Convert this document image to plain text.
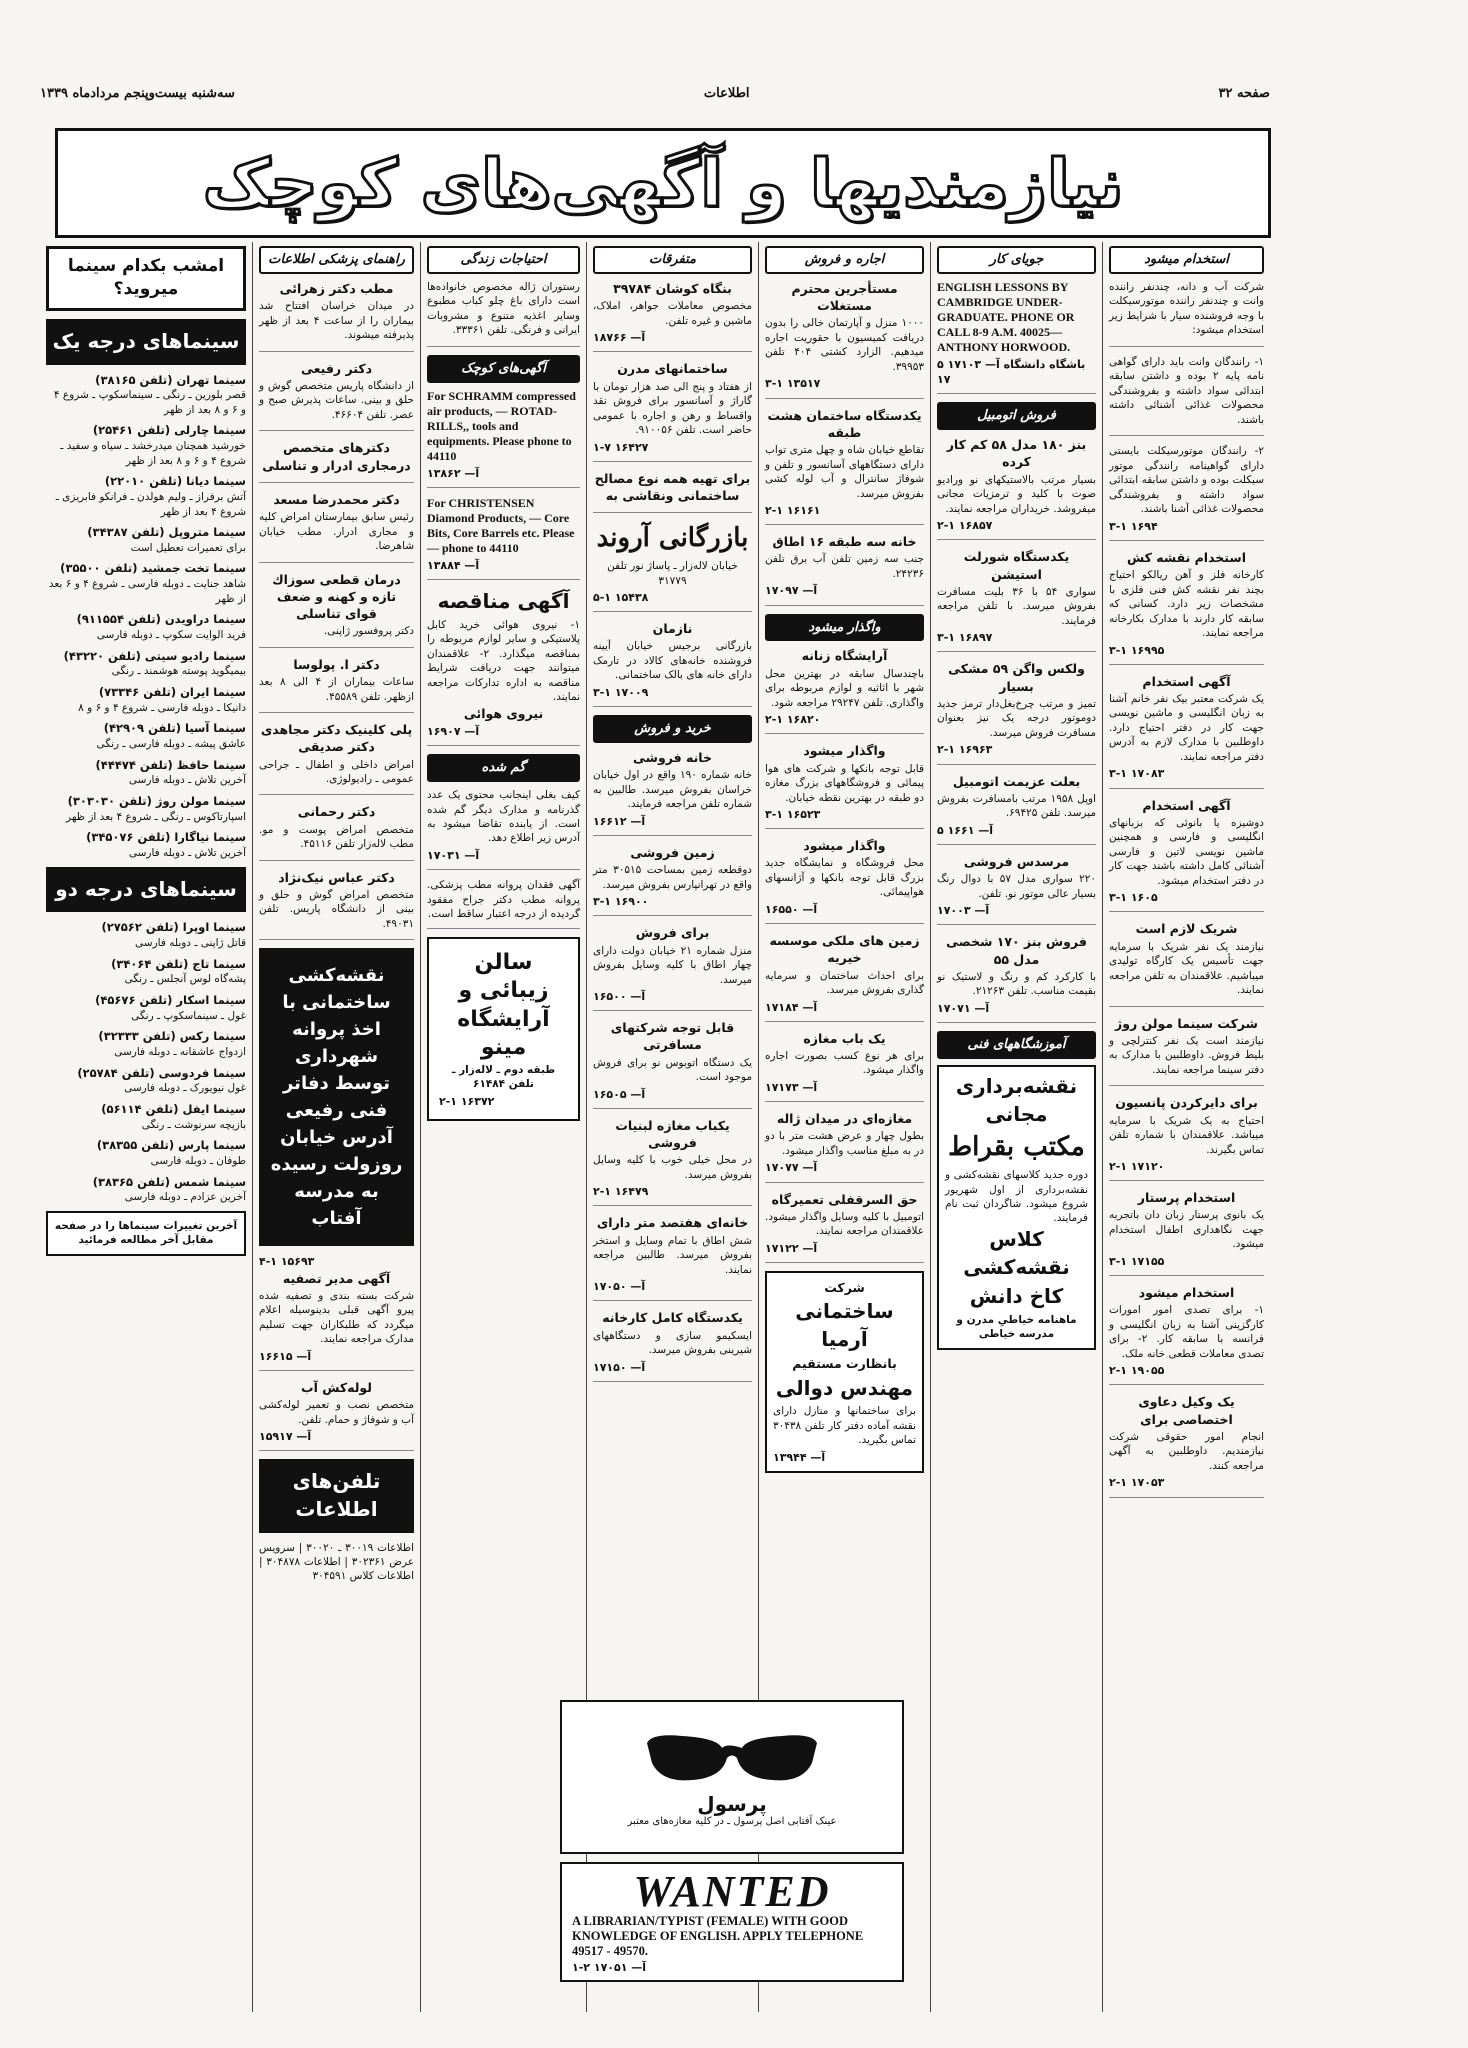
سه‌شنبه بیست‌وپنجم مردادماه ۱۳۳۹	اطلاعات	صفحه ۳۲
نیازمندیها و آگهی‌های کوچک
استخدام میشود
شرکت آب و دانه، چندنفر راننده وانت و چندنفر راننده موتورسیکلت با وجه فروشنده سیار با شرایط زیر استخدام میشود:
۱- رانندگان وانت باید دارای گواهی نامه پایه ۲ بوده و داشتن سابقه ابتدائی سواد داشته و بفروشندگی محصولات غذائی آشنائی داشته باشند.
۲- رانندگان موتورسیکلت بایستی دارای گواهینامه رانندگی موتور سیکلت بوده و داشتن سابقه ابتدائی سواد داشته و بفروشندگی محصولات غذائی آشنا باشند.
۳-۱ ۱۶۹۴
استخدام نقشه کش
کارخانه فلز و آهن ریالکو احتیاج بچند نفر نقشه کش فنی فلزی با مشخصات زیر دارد. کسانی که سابقه کار دارند با مدارک بکارخانه مراجعه نمایند.
۳-۱ ۱۶۹۹۵
آگهی استخدام
یک شرکت معتبر بیک نفر خانم آشنا به زبان انگلیسی و ماشین نویسی جهت کار در دفتر احتیاج دارد. داوطلبین با مدارک لازم به آدرس دفتر مراجعه نمایند.
۳-۱ ۱۷۰۸۳
آگهی استخدام
دوشیزه یا بانوئی که بزبانهای انگلیسی و فارسی و همچنین ماشین نویسی لاتین و فارسی آشنائی کامل داشته باشند جهت کار در دفتر استخدام میشود.
۳-۱ ۱۶۰۵
شریک لازم است
نیازمند یک نفر شریک با سرمایه جهت تأسیس یک کارگاه تولیدی میباشیم. علاقمندان به تلفن مراجعه نمایند.
شرکت سینما مولن روژ
نیازمند است یک نفر کنترلچی و بلیط فروش. داوطلبین با مدارک به دفتر سینما مراجعه نمایند.
برای دایرکردن پانسیون
احتیاج به یک شریک با سرمایه میباشد. علاقمندان با شماره تلفن تماس بگیرند.
۲-۱ ۱۷۱۲۰
استخدام پرستار
یک بانوی پرستار زبان دان باتجربه جهت نگاهداری اطفال استخدام میشود.
۳-۱ ۱۷۱۵۵
استخدام میشود
۱- برای تصدی امور امورات کارگزینی آشنا به زبان انگلیسی و فرانسه با سابقه کار. ۲- برای تصدی معاملات قطعی خانه ملک.
۲-۱ ۱۹۰۵۵
یک وکیل دعاوی اختصاصی برای
انجام امور حقوقی شرکت نیازمندیم. داوطلبین به آگهی مراجعه کنند.
۲-۱ ۱۷۰۵۳
جویای کار
ENGLISH LESSONS BY CAMBRIDGE UNDER-GRADUATE. PHONE OR CALL 8-9 A.M. 40025— ANTHONY HORWOOD.
باشگاه دانشگاه آ— ۱۷۱۰۳ ۵ ۱۷
فروش اتومبیل
بنز ۱۸۰ مدل ۵۸ کم کار کرده
بسیار مرتب بالاستیکهای نو ورادیو صوت با کلید و ترمزیات مجانی میفروشد. خریداران مراجعه نمایند.
۲-۱ ۱۶۸۵۷
یکدستگاه شورلت استیشن
سواری ۵۴ با ۳۶ بلیت مسافرت بفروش میرسد. با تلفن مراجعه فرمایند.
۳-۱ ۱۶۸۹۷
ولکس واگن ۵۹ مشکی بسیار
تمیز و مرتب چرخ‌بغل‌دار ترمز جدید دوموتور درجه یک نیز بعنوان مسافرت فروش میرسد.
۲-۱ ۱۶۹۶۳
بعلت عزیمت اتومبیل
اوپل ۱۹۵۸ مرتب بامسافرت بفروش میرسد. تلفن ۶۹۴۲۵.
آ— ۱۶۶۱ ۵
مرسدس فروشی
۲۲۰ سواری مدل ۵۷ با دوال رنگ بسیار عالی موتور نو. تلفن.
آ— ۱۷۰۰۳
فروش بنز ۱۷۰ شخصی مدل ۵۵
با کارکرد کم و رنگ و لاستیک نو بقیمت مناسب. تلفن ۲۱۲۶۳.
آ— ۱۷۰۷۱
آموزشگاههای فنی
نقشه‌برداری مجانی
مکتب بقراط
دوره جدید کلاسهای نقشه‌کشی و نقشه‌برداری از اول شهریور شروع میشود. شاگردان ثبت نام فرمایند.
کلاس نقشه‌کشی
کاخ دانش
ماهنامه خیاطیِ مدرن و مدرسه خیاطی
اجاره و فروش
مستأجرین محترم مستغلات
۱۰۰۰ منزل و آپارتمان خالی را بدون دریافت کمیسیون با حقوریت اجاره میدهیم. الزارد کشتی ۴۰۴ تلفن ۳۹۹۵۳.
۳-۱ ۱۳۵۱۷
یکدستگاه ساختمان هشت طبقه
تقاطع خیابان شاه و چهل متری تواب دارای دستگاههای آسانسور و تلفن و شوفاژ سانترال و آب لوله کشی بفروش میرسد.
۲-۱ ۱۶۱۶۱
خانه سه طبقه ۱۶ اطاق
جنب سه زمین تلفن آب برق تلفن ۲۴۲۳۶.
آ— ۱۷۰۹۷
واگذار میشود
آرایشگاه زنانه
باچندسال سابقه در بهترین محل شهر با اثاثیه و لوازم مربوطه برای واگذاری. تلفن ۲۹۲۴۷ مراجعه شود.
۲-۱ ۱۶۸۲۰
واگذار میشود
قابل توجه بانکها و شرکت های هوا پیمائی و فروشگاههای بزرگ مغازه دو طبقه در بهترین نقطه خیابان.
۳-۱ ۱۶۵۲۳
واگذار میشود
محل فروشگاه و نمایشگاه جدید بزرگ قابل توجه بانکها و آژانسهای هواپیمائی.
آ— ۱۶۵۵۰
زمین های ملکی موسسه خیریه
برای احداث ساختمان و سرمایه گذاری بفروش میرسد.
آ— ۱۷۱۸۴
یک باب مغازه
برای هر نوع کسب بصورت اجاره واگذار میشود.
آ— ۱۷۱۷۳
مغازه‌ای در میدان ژاله
بطول چهار و عرض هشت متر با دو در به مبلغ مناسب واگذار میشود.
آ— ۱۷۰۷۷
حق السرقفلی تعمیرگاه
اتومبیل با کلیه وسایل واگذار میشود. علاقمندان مراجعه نمایند.
آ— ۱۷۱۲۲
شرکت
ساختمانی آرمیا
بانظارت مستقیم
مهندس دوالی
برای ساختمانها و منازل دارای نقشه آماده دفتر کار تلفن ۳۰۴۳۸ تماس بگیرید.
آ— ۱۳۹۴۴
متفرقات
بنگاه کوشان ۳۹۷۸۴
مخصوص معاملات جواهر، املاک، ماشین و غیره تلفن.
آ— ۱۸۷۶۶
ساختمانهای مدرن
از هفتاد و پنج الی صد هزار تومان با گاراژ و آسانسور برای فروش نقد واقساط و رهن و اجاره با عمومی حاضر است. تلفن ۹۱۰۰۵۶.
۱-۷ ۱۶۴۲۷
برای تهیه همه نوع مصالح ساختمانی ونقاشی به
بازرگانی آروند
خیابان لاله‌زار ـ پاساژ نور تلفن ۳۱۷۷۹
۵-۱ ۱۵۴۳۸
نازمان
بازرگانی برجیس خیابان آیینه فروشنده خانه‌های کالاد در تارمک دارای خانه های بالک ساختمانی.
۳-۱ ۱۷۰۰۹
خرید و فروش
خانه فروشی
خانه شماره ۱۹۰ واقع در اول خیابان خراسان بفروش میرسد. طالبین به شماره تلفن مراجعه فرمایند.
آ— ۱۶۶۱۲
زمین فروشی
دوقطعه زمین بمساحت ۳۰۵۱۵ متر واقع در تهرانپارس بفروش میرسد.
۳-۱ ۱۶۹۰۰
برای فروش
منزل شماره ۲۱ خیابان دولت دارای چهار اطاق با کلیه وسایل بفروش میرسد.
آ— ۱۶۵۰۰
قابل توجه شرکتهای مسافرتی
یک دستگاه اتوبوس نو برای فروش موجود است.
آ— ۱۶۵۰۵
یکباب مغازه لبنیات فروشی
در محل خیلی خوب با کلیه وسایل بفروش میرسد.
۲-۱ ۱۶۴۷۹
خانه‌ای هفتصد متر دارای
شش اطاق با تمام وسایل و استخر بفروش میرسد. طالبین مراجعه نمایند.
آ— ۱۷۰۵۰
یکدستگاه کامل کارخانه
ایسکیمو سازی و دستگاههای شیرینی بفروش میرسد.
آ— ۱۷۱۵۰
احتیاجات زندگی
رستوران ژاله مخصوص خانواده‌ها است دارای باغ چلو کباب مطبوع وسایر اغذیه متنوع و مشروبات ایرانی و فرنگی. تلفن ۳۳۳۶۱.
آگهی‌های کوچک
For SCHRAMM compressed air products, — ROTAD-RILLS,, tools and equipments. Please phone to 44110
آ— ۱۳۸۶۲
For CHRISTENSEN Diamond Products, — Core Bits, Core Barrels etc. Please — phone to 44110
آ— ۱۳۸۸۴
آگهی مناقصه
۱- نیروی هوائی خرید کابل پلاستیکی و سایر لوازم مربوطه را بمناقصه میگذارد. ۲- علاقمندان میتوانند جهت دریافت شرایط مناقصه به اداره تدارکات مراجعه نمایند.
نیروی هوائی
آ— ۱۶۹۰۷
گم شده
کیف بغلی اینجانب محتوی یک عدد گذرنامه و مدارک دیگر گم شده است. از یابنده تقاضا میشود به آدرس زیر اطلاع دهد.
آ— ۱۷۰۳۱
آگهی فقدان پروانه مطب پزشکی. پروانه مطب دکتر جراح مفقود گردیده از درجه اعتبار ساقط است.
سالن زیبائی و آرایشگاه مینو
طبقه دوم ـ لاله‌زار ـ تلفن ۶۱۴۸۴
۲-۱ ۱۶۳۷۲
راهنمای پزشکی اطلاعات
مطب دکتر زهرائی
در میدان خراسان افتتاح شد بیماران را از ساعت ۴ بعد از ظهر پذیرفته میشوند.
دکتر رفیعی
از دانشگاه پاریس متخصص گوش و حلق و بینی. ساعات پذیرش صبح و عصر. تلفن ۴۶۶۰۴.
دکترهای متخصص درمجاری ادرار و تناسلی
دکتر محمدرضا مسعد
رئیس سابق بیمارستان امراض کلیه و مجاری ادرار. مطب خیابان شاهرضا.
درمان قطعی سوزاك تازه و کهنه و ضعف قوای تناسلی
دکتر پروفسور ژاپنی.
دکتر ا. پولوسا
ساعات بیماران از ۴ الی ۸ بعد ازظهر. تلفن ۴۵۵۸۹.
پلی کلینیک دکتر مجاهدی دکتر صدیقی
امراض داخلی و اطفال ـ جراحی عمومی ـ رادیولوژی.
دکتر رحمانی
متخصص امراض پوست و مو. مطب لاله‌زار تلفن ۴۵۱۱۶.
دکتر عباس نیک‌نژاد
متخصص امراض گوش و حلق و بینی از دانشگاه پاریس. تلفن ۴۹۰۳۱.
نقشه‌کشی ساختمانی با اخذ پروانه شهرداری توسط دفاتر فنی رفیعی آدرس خیابان روزولت رسیده به مدرسه آفتاب
۴-۱ ۱۵۶۹۳
آگهی مدیر تصفیه
شرکت بسته بندی و تصفیه شده پیرو آگهی قبلی بدینوسیله اعلام میگردد که طلبکاران جهت تسلیم مدارک مراجعه نمایند.
آ— ۱۶۶۱۵
لوله‌کش آب
متخصص نصب و تعمیر لوله‌کشی آب و شوفاژ و حمام. تلفن.
آ— ۱۵۹۱۷
تلفن‌های اطلاعات
اطلاعات ۳۰۰۱۹ ـ ۳۰۰۲۰ | سرویس عرض ۳۰۲۳۶۱ | اطلاعات ۳۰۴۸۷۸ | اطلاعات کلاس ۳۰۴۵۹۱
امشب بکدام سینما میروید؟
سینماهای درجه یک
سینما تهران (تلفن ۳۸۱۶۵)
قصر بلورین ـ رنگی ـ سینماسکوپ ـ شروع ۴ و ۶ و ۸ بعد از ظهر
سینما چارلی (تلفن ۲۵۴۶۱)
خورشید همچنان میدرخشد ـ سیاه و سفید ـ شروع ۴ و ۶ و ۸ بعد از ظهر
سینما دیانا (تلفن ۲۲۰۱۰)
آتش برفراز ـ ولیم هولدن ـ فرانکو فابریزی ـ شروع ۴ بعد از ظهر
سینما متروپل (تلفن ۳۴۳۸۷)
برای تعمیرات تعطیل است
سینما تخت جمشید (تلفن ۳۵۵۰۰)
شاهد جنایت ـ دوبله فارسی ـ شروع ۴ و ۶ بعد از ظهر
سینما دراویدن (تلفن ۹۱۱۵۵۴)
فرید الوایت سکوپ ـ دوبله فارسی
سینما رادیو سیتی (تلفن ۴۳۲۲۰)
بیمیگوید پوسته هوشمند ـ رنگی
سینما ایران (تلفن ۷۳۳۴۶)
دانیکا ـ دوبله فارسی ـ شروع ۴ و ۶ و ۸
سینما آسیا (تلفن ۴۲۹۰۹)
عاشق پیشه ـ دوبله فارسی ـ رنگی
سینما حافظ (تلفن ۴۴۴۷۴)
آخرین تلاش ـ دوبله فارسی
سینما مولن روژ (تلفن ۳۰۳۰۳۰)
اسپارتاکوس ـ رنگی ـ شروع ۴ بعد از ظهر
سینما نیاگارا (تلفن ۳۴۵۰۷۶)
آخرین تلاش ـ دوبله فارسی
سینماهای درجه دو
سینما اوپرا (تلفن ۲۷۵۶۲)
قاتل ژاپنی ـ دوبله فارسی
سینما تاج (تلفن ۳۴۰۶۴)
پشه‌گاه لوس آنجلس ـ رنگی
سینما اسکار (تلفن ۴۵۶۷۶)
غول ـ سینماسکوپ ـ رنگی
سینما رکس (تلفن ۳۲۳۳۳)
ازدواج عاشقانه ـ دوبله فارسی
سینما فردوسی (تلفن ۲۵۷۸۴)
غول نیویورک ـ دوبله فارسی
سینما ایفل (تلفن ۵۶۱۱۴)
بازیچه سرنوشت ـ رنگی
سینما پارس (تلفن ۳۸۳۵۵)
طوفان ـ دوبله فارسی
سینما شمس (تلفن ۳۸۳۶۵)
آخرین عزادم ـ دوبله فارسی
آخرین تغییرات سینماها را در صفحه مقابل آخر مطالعه فرمائید
پرسول
عینک آفتابی اصل پرسول ـ در کلیه مغازه‌های معتبر
WANTED
A LIBRARIAN/TYPIST (FEMALE) WITH GOOD KNOWLEDGE OF ENGLISH. APPLY TELEPHONE 49517 - 49570.
آ— ۱۷۰۵۱ ۲-۱
